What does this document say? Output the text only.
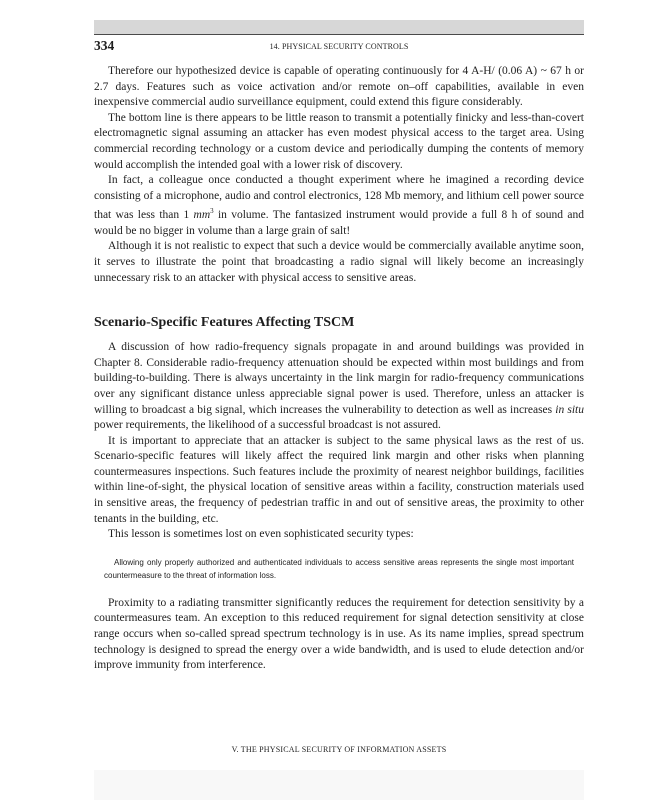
334	14. PHYSICAL SECURITY CONTROLS

Therefore our hypothesized device is capable of operating continuously for 4 A-H/ (0.06 A) ~ 67 h or 2.7 days. Features such as voice activation and/or remote on–off capabilities, available in even inexpensive commercial audio surveillance equipment, could extend this figure considerably.

The bottom line is there appears to be little reason to transmit a potentially finicky and less-than-covert electromagnetic signal assuming an attacker has even modest physical access to the target area. Using commercial recording technology or a custom device and periodically dumping the contents of memory would accomplish the intended goal with a lower risk of discovery.

In fact, a colleague once conducted a thought experiment where he imagined a recording device consisting of a microphone, audio and control electronics, 128 Mb memory, and lithium cell power source that was less than 1 $mm^3$ in volume. The fantasized instrument would provide a full 8 h of sound and would be no bigger in volume than a large grain of salt!

Although it is not realistic to expect that such a device would be commercially available anytime soon, it serves to illustrate the point that broadcasting a radio signal will likely become an increasingly unnecessary risk to an attacker with physical access to sensitive areas.

Scenario-Specific Features Affecting TSCM

A discussion of how radio-frequency signals propagate in and around buildings was provided in Chapter 8. Considerable radio-frequency attenuation should be expected within most buildings and from building-to-building. There is always uncertainty in the link margin for radio-frequency communications over any significant distance unless appreciable signal power is used. Therefore, unless an attacker is willing to broadcast a big signal, which increases the vulnerability to detection as well as increases in situ power requirements, the likelihood of a successful broadcast is not assured.

It is important to appreciate that an attacker is subject to the same physical laws as the rest of us. Scenario-specific features will likely affect the required link margin and other risks when planning countermeasures inspections. Such features include the proximity of nearest neighbor buildings, facilities within line-of-sight, the physical location of sensitive areas within a facility, construction materials used in sensitive areas, the frequency of pedestrian traffic in and out of sensitive areas, the proximity to other tenants in the building, etc.

This lesson is sometimes lost on even sophisticated security types:

Allowing only properly authorized and authenticated individuals to access sensitive areas represents the single most important countermeasure to the threat of information loss.

Proximity to a radiating transmitter significantly reduces the requirement for detection sensitivity by a countermeasures team. An exception to this reduced requirement for signal detection sensitivity at close range occurs when so-called spread spectrum technology is in use. As its name implies, spread spectrum technology is designed to spread the energy over a wide bandwidth, and is used to elude detection and/or improve immunity from interference.

V. THE PHYSICAL SECURITY OF INFORMATION ASSETS
